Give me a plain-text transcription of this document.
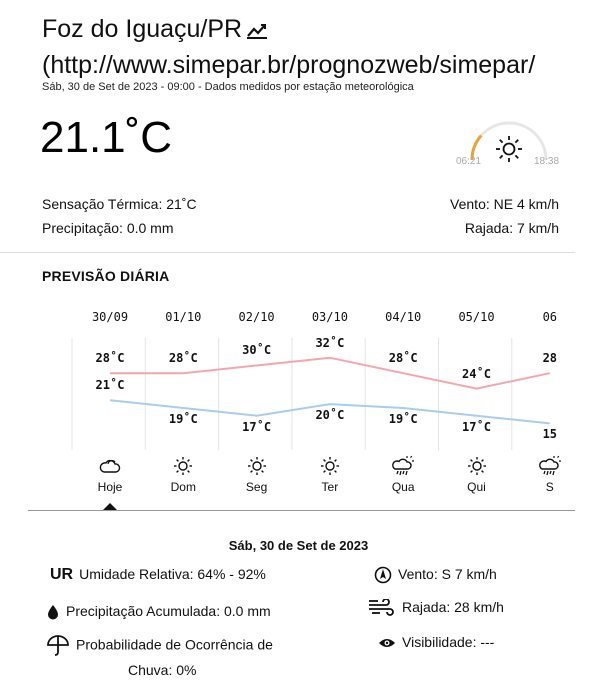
Foz do Iguaçu/PR
(http://www.simepar.br/prognozweb/simepar/
Sáb, 30 de Set de 2023 - 09:00 - Dados medidos por estação meteorológica
21.1˚C	06:21	18:38
Sensação Térmica: 21˚C
Precipitação: 0.0 mm
Vento: NE 4 km/h
Rajada: 7 km/h
PREVISÃO DIÁRIA
30/09
Hoje
28˚C
21˚C
01/10
Dom
28˚C
19˚C
02/10
Seg
30˚C
17˚C
03/10
Ter
32˚C
20˚C
04/10
Qua
28˚C
19˚C
05/10
Qui
24˚C
17˚C
06
S
28
15
Sáb, 30 de Set de 2023
UR Umidade Relativa: 64% - 92%
Precipitação Acumulada: 0.0 mm
Probabilidade de Ocorrência de
Chuva: 0%
Vento: S 7 km/h
Rajada: 28 km/h
Visibilidade: ---
